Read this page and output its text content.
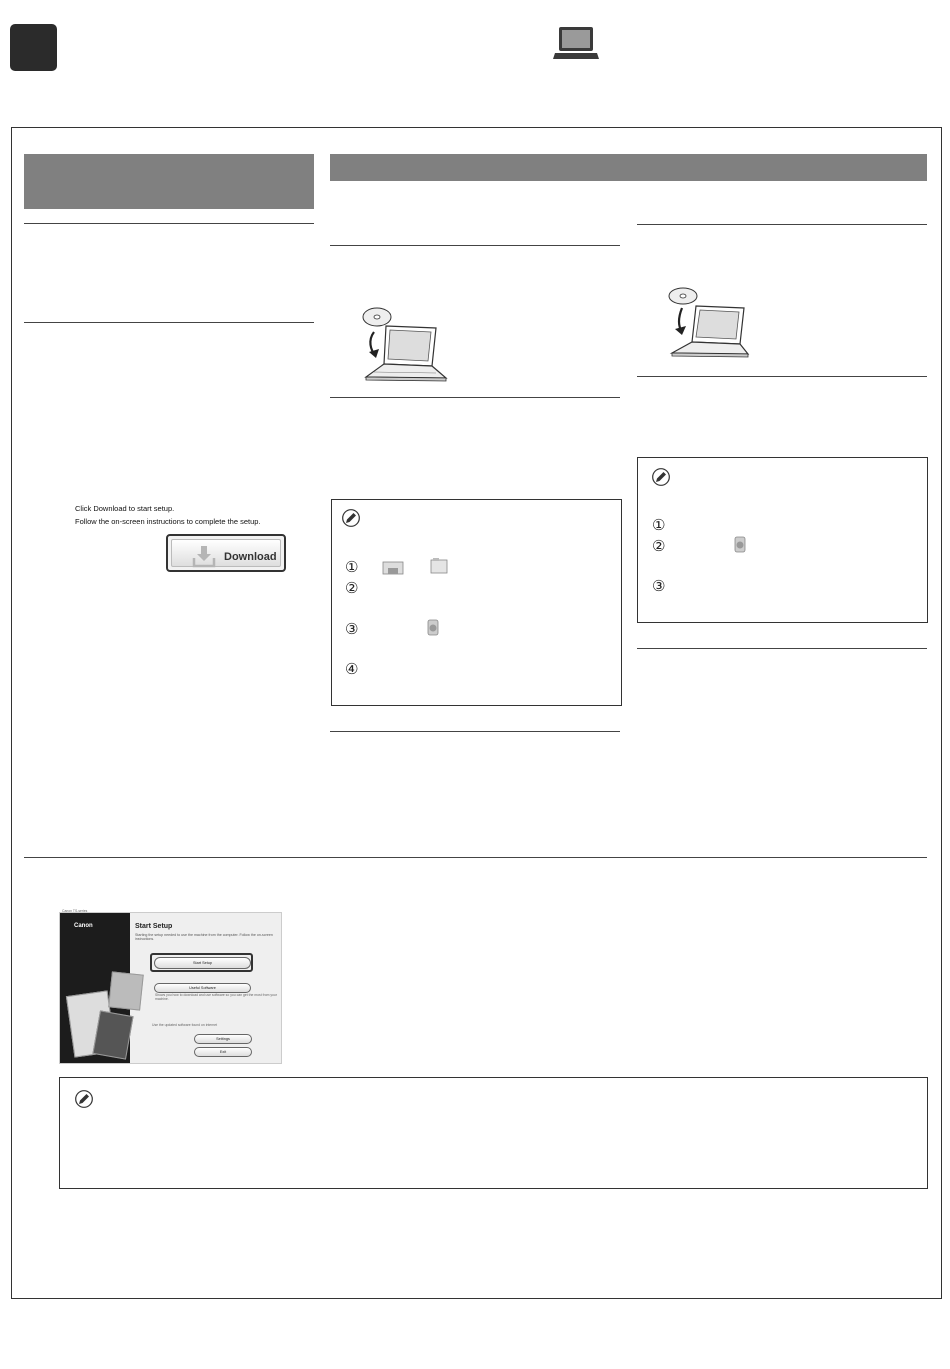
Click Download to start setup.
Follow the on-screen instructions to complete the setup.
Download
①
②
③
④
①
②
③
Canon
Canon TS-series
Start Setup
Starting the setup needed to use the machine from the computer. Follow the on-screen instructions.
Start Setup
Useful Software
Shows you how to download and use software so you can get the most from your machine.
Use the updated software found on internet
Settings
Exit
